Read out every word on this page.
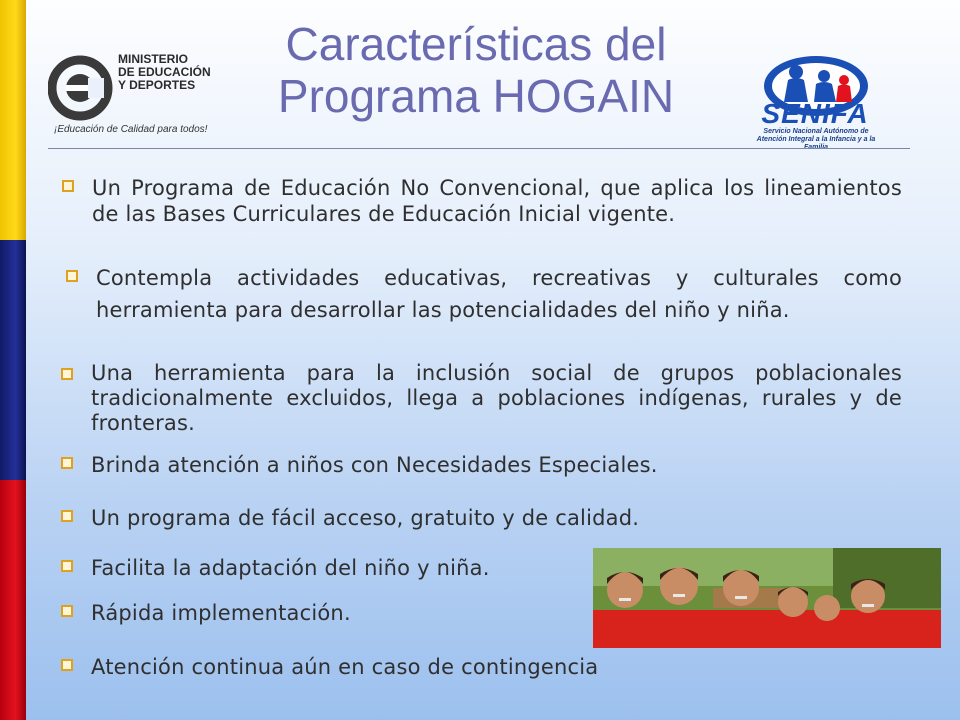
MINISTERIO
DE EDUCACIÓN
Y DEPORTES
¡Educación de Calidad para todos!
Características del
Programa HOGAIN	SENIFA
Servicio Nacional Autónomo de Atención Integral a la Infancia y a la
Un Programa de Educación No Convencional, que aplica los lineamientos de las Bases Curriculares de Educación Inicial vigente.
Contempla actividades educativas, recreativas y culturales como herramienta para desarrollar las potencialidades del niño y niña.
Una herramienta para la inclusión social de grupos poblacionales tradicionalmente excluidos, llega a poblaciones indígenas, rurales y de fronteras.
Brinda atención a niños con Necesidades Especiales.
Un programa de fácil acceso, gratuito y de calidad.
Facilita la adaptación del niño y niña.
Rápida implementación.
Atención continua aún en caso de contingencia
